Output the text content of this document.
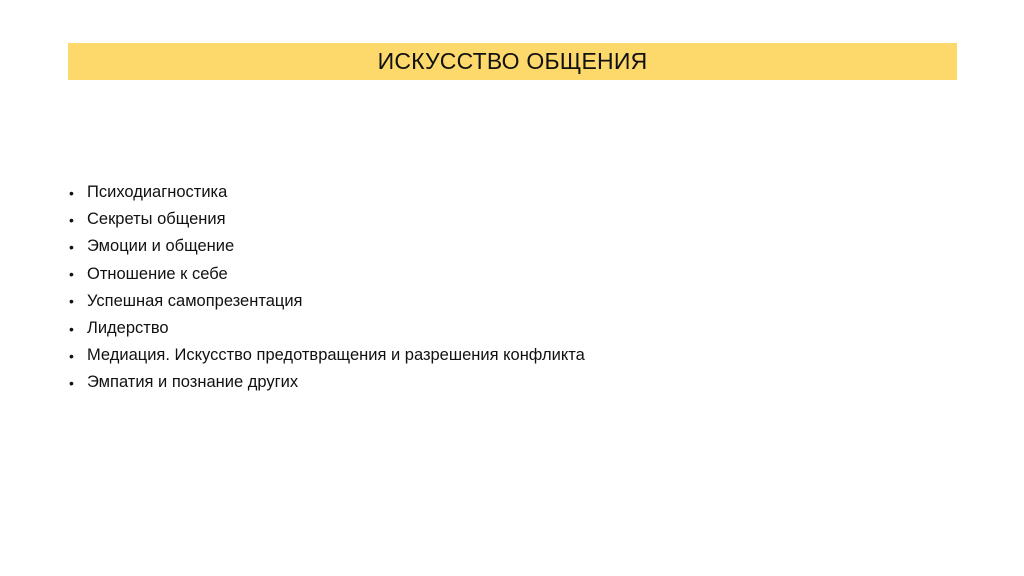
ИСКУССТВО ОБЩЕНИЯ
• Психодиагностика
• Секреты общения
• Эмоции и общение
• Отношение к себе
• Успешная самопрезентация
• Лидерство
• Медиация. Искусство предотвращения и разрешения конфликта
• Эмпатия и познание других
